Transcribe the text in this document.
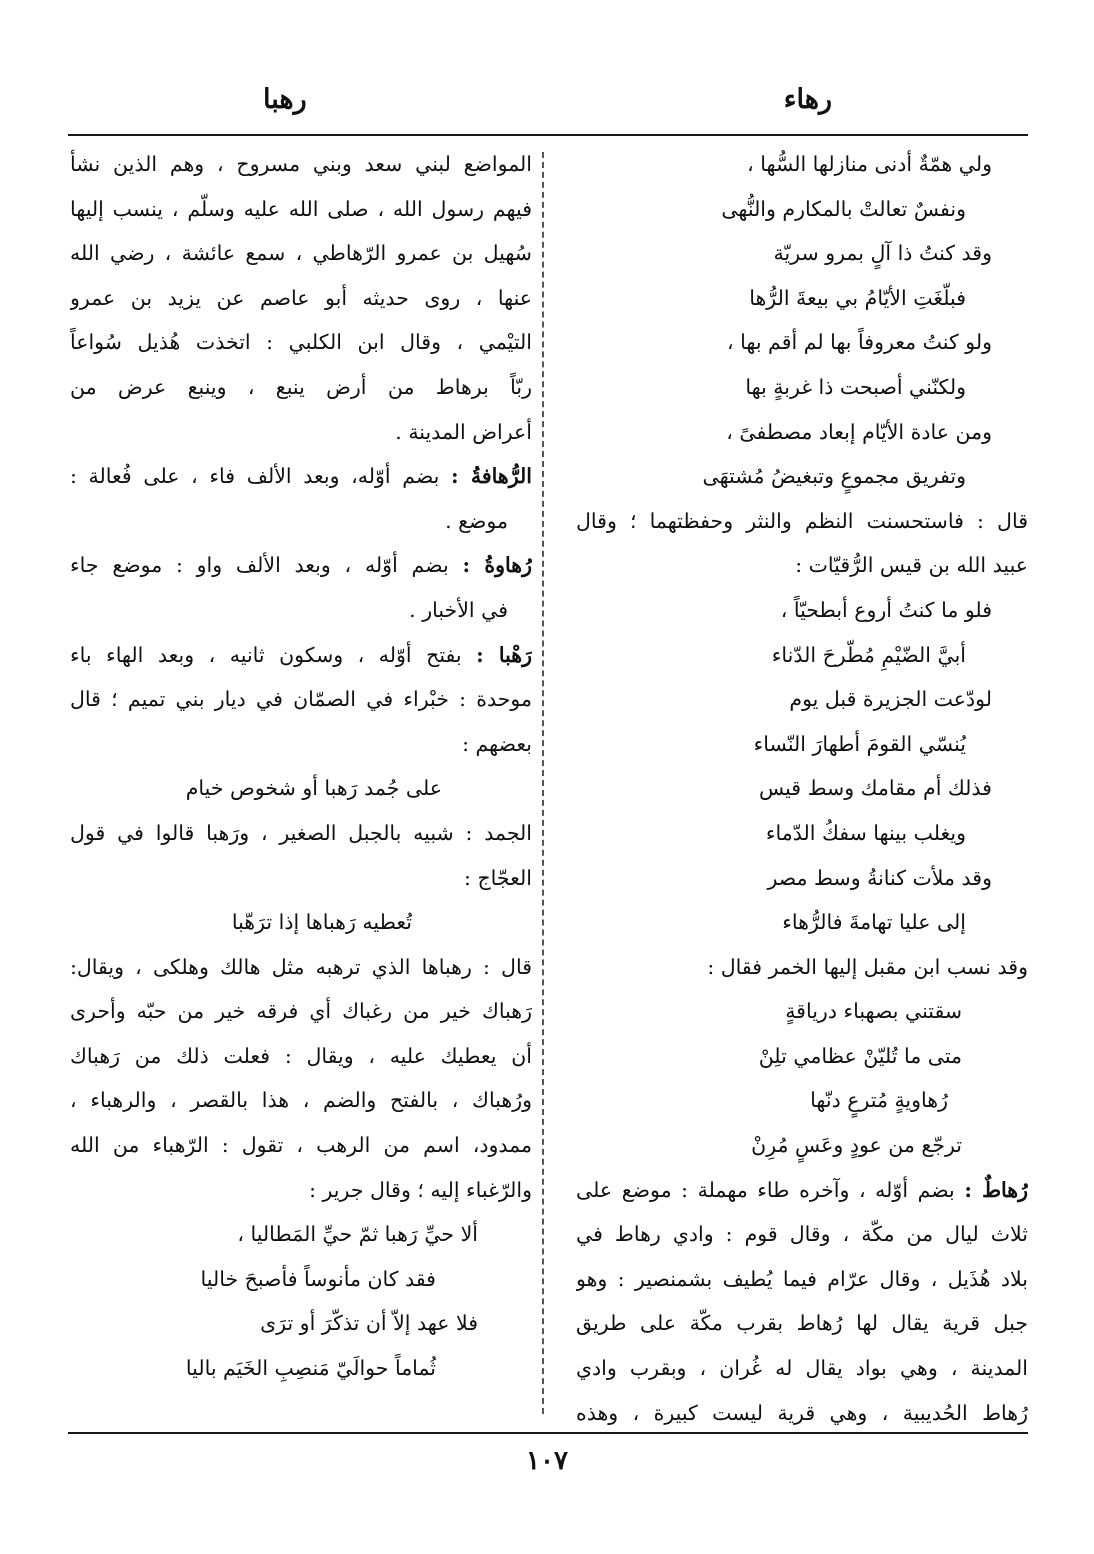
رهاء
رهبا
ولي همّةٌ أدنى منازلها السُّها ،
ونفسٌ تعالتْ بالمكارم والنُّهى
وقد كنتُ ذا آلٍ بمرو سريّة
فبلّغَتِ الأيّامُ بي بيعةَ الرُّها
ولو كنتُ معروفاً بها لم أقم بها ،
ولكنّني أصبحت ذا غربةٍ بها
ومن عادة الأيّام إبعاد مصطفىً ،
وتفريق مجموعٍ وتبغيضُ مُشتهَى
قال : فاستحسنت النظم والنثر وحفظتهما ؛ وقال
عبيد الله بن قيس الرُّقيّات :
فلو ما كنتُ أروع أبطحيّاً ،
أبيَّ الضّيْمِ مُطّرحَ الدّناء
لودّعت الجزيرة قبل يوم
يُنسّي القومَ أطهارَ النّساء
فذلك أم مقامك وسط قيس
ويغلب بينها سفكُ الدّماء
وقد ملأت كنانةُ وسط مصر
إلى عليا تهامةَ فالرُّهاء
وقد نسب ابن مقبل إليها الخمر فقال :
سقتني بصهباء درياقةٍ
متى ما تُليّنْ عظامي تلِنْ
رُهاويةٍ مُترعٍ دنّها
ترجّع من عودٍ وعَسٍ مُرِنْ
رُهاطٌ : بضم أوّله ، وآخره طاء مهملة : موضع على
ثلاث ليال من مكّة ، وقال قوم : وادي رهاط في
بلاد هُذَيل ، وقال عرّام فيما يُطيف بشمنصير : وهو
جبل قرية يقال لها رُهاط بقرب مكّة على طريق
المدينة ، وهي بواد يقال له غُران ، وبقرب وادي
رُهاط الحُديبية ، وهي قرية ليست كبيرة ، وهذه
المواضع لبني سعد وبني مسروح ، وهم الذين نشأ
فيهم رسول الله ، صلى الله عليه وسلّم ، ينسب إليها
سُهيل بن عمرو الرّهاطي ، سمع عائشة ، رضي الله
عنها ، روى حديثه أبو عاصم عن يزيد بن عمرو
التيْمي ، وقال ابن الكلبي : اتخذت هُذيل سُواعاً
ربّاً برهاط من أرض ينبع ، وينبع عرض من
أعراض المدينة .
الرُّهافةُ : بضم أوّله، وبعد الألف فاء ، على فُعالة :
موضع .
رُهاوةُ : بضم أوّله ، وبعد الألف واو : موضع جاء
في الأخبار .
رَهْبا : بفتح أوّله ، وسكون ثانيه ، وبعد الهاء باء
موحدة : خبْراء في الصمّان في ديار بني تميم ؛ قال
بعضهم :
على جُمد رَهبا أو شخوص خيام
الجمد : شبيه بالجبل الصغير ، ورَهبا قالوا في قول
العجّاج :
تُعطيه رَهباها إذا ترَهّبا
قال : رهباها الذي ترهبه مثل هالك وهلكى ، ويقال:
رَهباك خير من رغباك أي فرقه خير من حبّه وأحرى
أن يعطيك عليه ، ويقال : فعلت ذلك من رَهباك
ورُهباك ، بالفتح والضم ، هذا بالقصر ، والرهباء ،
ممدود، اسم من الرهب ، تقول : الرّهباء من الله
والرّغباء إليه ؛ وقال جرير :
ألا حيِّ رَهبا ثمّ حيِّ المَطاليا ،
فقد كان مأنوساً فأصبحَ خاليا
فلا عهد إلاّ أن تذكّرَ أو ترَى
ثُماماً حوالَيّ مَنصِبِ الخَيَم باليا
١٠٧
